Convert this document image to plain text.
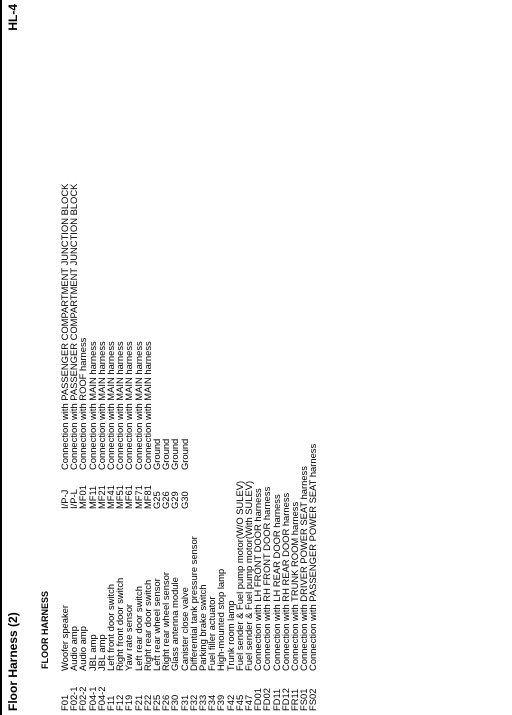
Floor Harness (2)
HL-4
FLOOR HARNESS
F01
Woofer speaker
I/P-J
Connection with PASSENGER COMPARTMENT JUNCTION BLOCK
F02-1
Audio amp
I/P-L
Connection with PASSENGER COMPARTMENT JUNCTION BLOCK
F02-2
Audio amp
MF01
Connection with ROOF harness
F04-1
JBL amp
MF11
Connection with MAIN harness
F04-2
JBL amp
MF21
Connection with MAIN harness
F11
Left front door switch
MF41
Connection with MAIN harness
F12
Right front door switch
MF51
Connection with MAIN harness
F19
Yaw rate sensor
MF61
Connection with MAIN harness
F21
Left rear door switch
MF71
Connection with MAIN harness
F22
Right rear door switch
MF81
Connection with MAIN harness
F25
Left rear wheel sensor
G25
Ground
F26
Right rear wheel sensor
G26
Ground
F30
Glass antenna module
G29
Ground
F31
Canister close valve
G30
Ground
F32
Differential tank pressure sensor
F33
Parking brake switch
F34
Fuel filler actuator
F39
High-mounted stop lamp
F42
Trunk room lamp
F45
Fuel sender & Fuel pump motor(W/O SULEV)
F47
Fuel sender & Fuel pump motor(With SULEV)
FD01
Connection with LH FRONT DOOR harness
FD02
Connection with RH FRONT DOOR harness
FD11
Connection with LH REAR DOOR harness
FD12
Connection with RH REAR DOOR harness
FR11
Connection with TRUNK ROOM harness
FS01
Connection with DRIVER POWER SEAT harness
FS02
Connection with PASSENGER POWER SEAT harness
